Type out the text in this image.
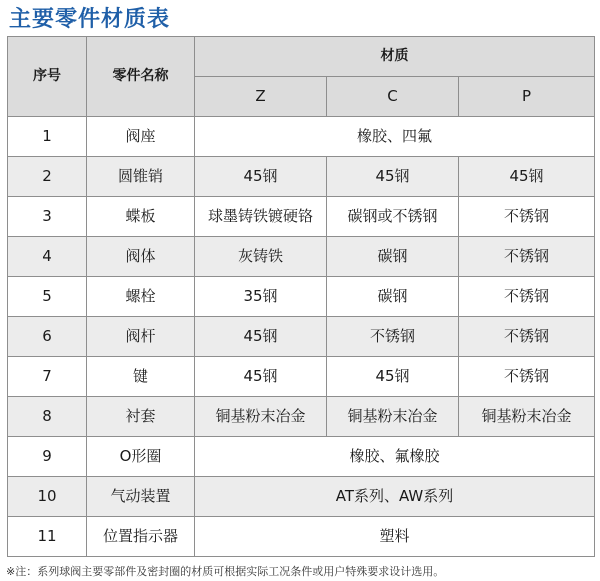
主要零件材质表
序号	零件名称	材质		
		Z	C	P
1	阀座	橡胶、四氟		
2	圆锥销	45钢	45钢	45钢
3	蝶板	球墨铸铁镀硬铬	碳钢或不锈钢	不锈钢
4	阀体	灰铸铁	碳钢	不锈钢
5	螺栓	35钢	碳钢	不锈钢
6	阀杆	45钢	不锈钢	不锈钢
7	键	45钢	45钢	不锈钢
8	衬套	铜基粉末冶金	铜基粉末冶金	铜基粉末冶金
9	O形圈	橡胶、氟橡胶		
10	气动装置	AT系列、AW系列		
11	位置指示器	塑料		
※注：系列球阀主要零部件及密封圈的材质可根据实际工况条件或用户特殊要求设计选用。
